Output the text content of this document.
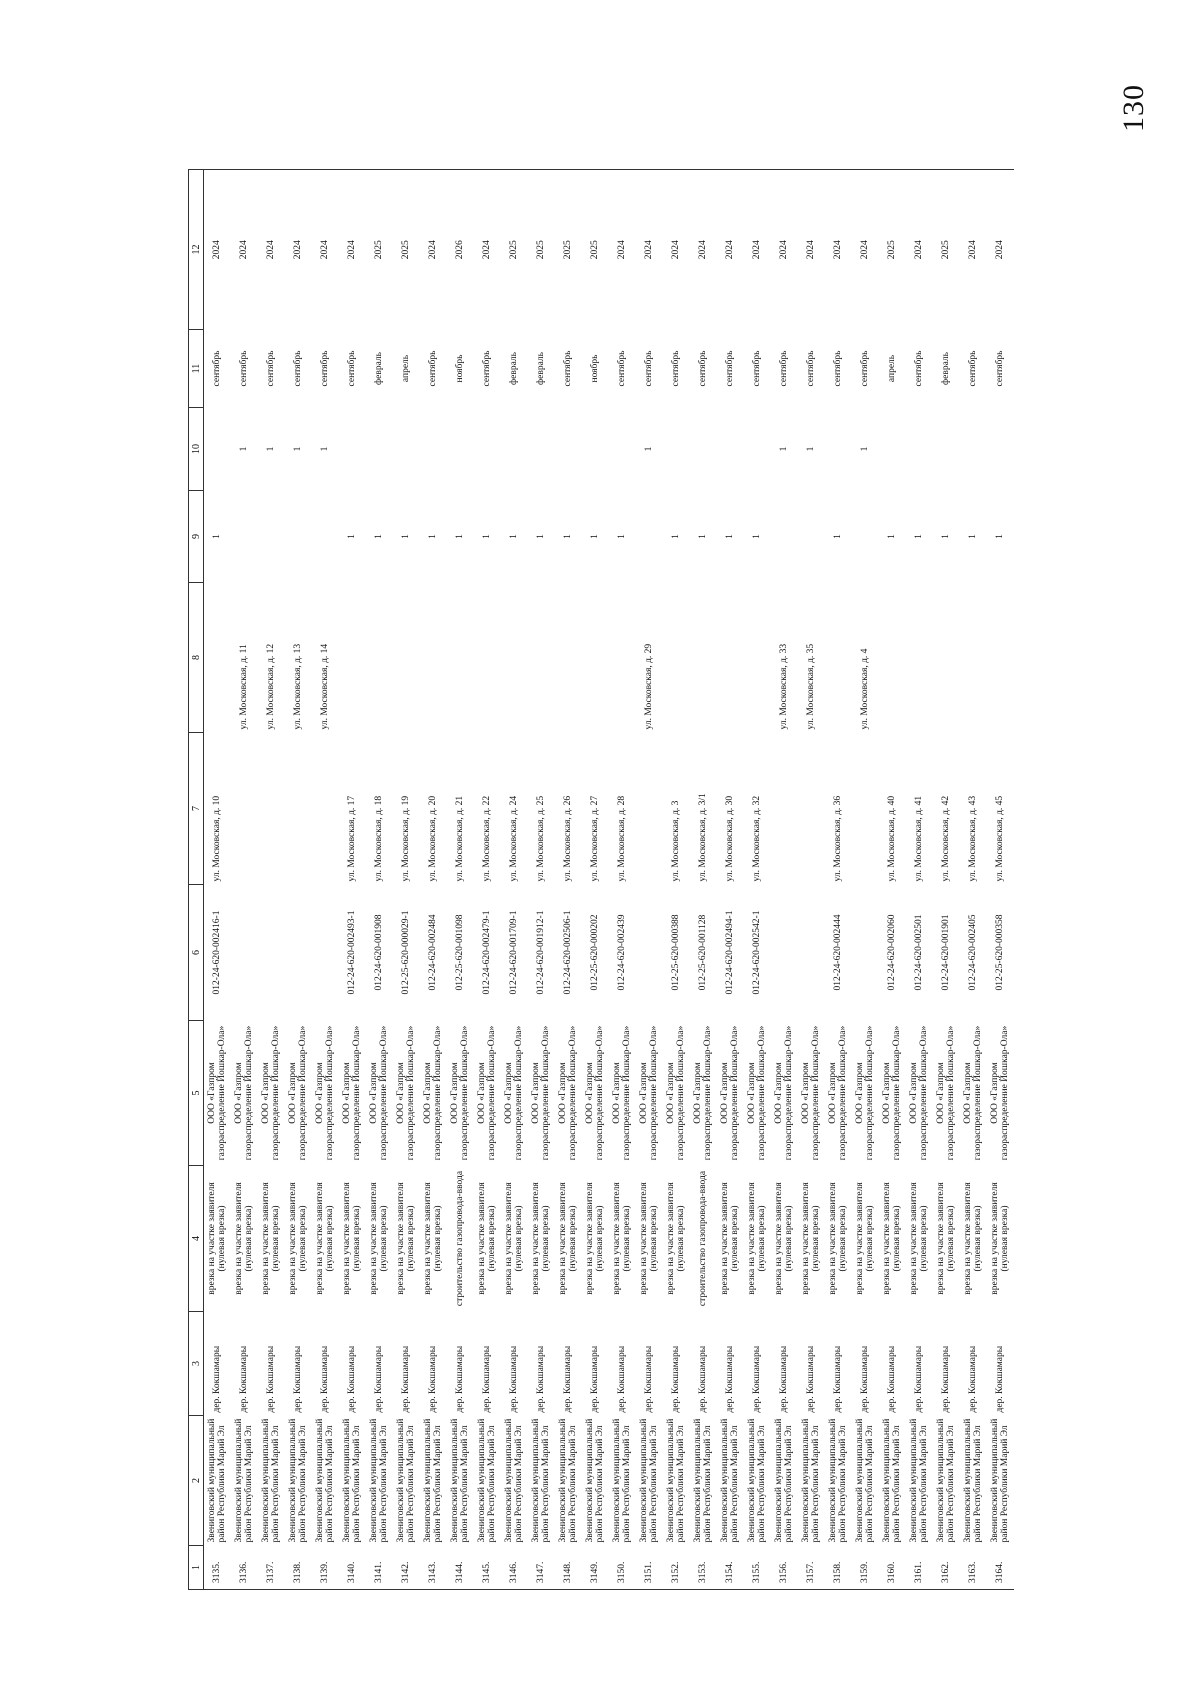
130
1	2	3	4	5	6	7	8	9	10	11	12
3135.	Звениговский муниципальный район Республики Марий Эл	дер. Кокшамары	врезка на участке заявителя (нулевая врезка)	ООО «Газпром газораспределение Йошкар-Ола»	012-24-620-002416-1	ул. Московская, д. 10		1		сентябрь	2024
3136.	Звениговский муниципальный район Республики Марий Эл	дер. Кокшамары	врезка на участке заявителя (нулевая врезка)	ООО «Газпром газораспределение Йошкар-Ола»			ул. Московская, д. 11		1	сентябрь	2024
3137.	Звениговский муниципальный район Республики Марий Эл	дер. Кокшамары	врезка на участке заявителя (нулевая врезка)	ООО «Газпром газораспределение Йошкар-Ола»			ул. Московская, д. 12		1	сентябрь	2024
3138.	Звениговский муниципальный район Республики Марий Эл	дер. Кокшамары	врезка на участке заявителя (нулевая врезка)	ООО «Газпром газораспределение Йошкар-Ола»			ул. Московская, д. 13		1	сентябрь	2024
3139.	Звениговский муниципальный район Республики Марий Эл	дер. Кокшамары	врезка на участке заявителя (нулевая врезка)	ООО «Газпром газораспределение Йошкар-Ола»			ул. Московская, д. 14		1	сентябрь	2024
3140.	Звениговский муниципальный район Республики Марий Эл	дер. Кокшамары	врезка на участке заявителя (нулевая врезка)	ООО «Газпром газораспределение Йошкар-Ола»	012-24-620-002493-1	ул. Московская, д. 17		1		сентябрь	2024
3141.	Звениговский муниципальный район Республики Марий Эл	дер. Кокшамары	врезка на участке заявителя (нулевая врезка)	ООО «Газпром газораспределение Йошкар-Ола»	012-24-620-001908	ул. Московская, д. 18		1		февраль	2025
3142.	Звениговский муниципальный район Республики Марий Эл	дер. Кокшамары	врезка на участке заявителя (нулевая врезка)	ООО «Газпром газораспределение Йошкар-Ола»	012-25-620-000029-1	ул. Московская, д. 19		1		апрель	2025
3143.	Звениговский муниципальный район Республики Марий Эл	дер. Кокшамары	врезка на участке заявителя (нулевая врезка)	ООО «Газпром газораспределение Йошкар-Ола»	012-24-620-002484	ул. Московская, д. 20		1		сентябрь	2024
3144.	Звениговский муниципальный район Республики Марий Эл	дер. Кокшамары	строительство газопровода-ввода	ООО «Газпром газораспределение Йошкар-Ола»	012-25-620-001098	ул. Московская, д. 21		1		ноябрь	2026
3145.	Звениговский муниципальный район Республики Марий Эл	дер. Кокшамары	врезка на участке заявителя (нулевая врезка)	ООО «Газпром газораспределение Йошкар-Ола»	012-24-620-002479-1	ул. Московская, д. 22		1		сентябрь	2024
3146.	Звениговский муниципальный район Республики Марий Эл	дер. Кокшамары	врезка на участке заявителя (нулевая врезка)	ООО «Газпром газораспределение Йошкар-Ола»	012-24-620-001709-1	ул. Московская, д. 24		1		февраль	2025
3147.	Звениговский муниципальный район Республики Марий Эл	дер. Кокшамары	врезка на участке заявителя (нулевая врезка)	ООО «Газпром газораспределение Йошкар-Ола»	012-24-620-001912-1	ул. Московская, д. 25		1		февраль	2025
3148.	Звениговский муниципальный район Республики Марий Эл	дер. Кокшамары	врезка на участке заявителя (нулевая врезка)	ООО «Газпром газораспределение Йошкар-Ола»	012-24-620-002506-1	ул. Московская, д. 26		1		сентябрь	2025
3149.	Звениговский муниципальный район Республики Марий Эл	дер. Кокшамары	врезка на участке заявителя (нулевая врезка)	ООО «Газпром газораспределение Йошкар-Ола»	012-25-620-000202	ул. Московская, д. 27		1		ноябрь	2025
3150.	Звениговский муниципальный район Республики Марий Эл	дер. Кокшамары	врезка на участке заявителя (нулевая врезка)	ООО «Газпром газораспределение Йошкар-Ола»	012-24-620-002439	ул. Московская, д. 28		1		сентябрь	2024
3151.	Звениговский муниципальный район Республики Марий Эл	дер. Кокшамары	врезка на участке заявителя (нулевая врезка)	ООО «Газпром газораспределение Йошкар-Ола»			ул. Московская, д. 29		1	сентябрь	2024
3152.	Звениговский муниципальный район Республики Марий Эл	дер. Кокшамары	врезка на участке заявителя (нулевая врезка)	ООО «Газпром газораспределение Йошкар-Ола»	012-25-620-000388	ул. Московская, д. 3		1		сентябрь	2024
3153.	Звениговский муниципальный район Республики Марий Эл	дер. Кокшамары	строительство газопровода-ввода	ООО «Газпром газораспределение Йошкар-Ола»	012-25-620-001128	ул. Московская, д. 3/1		1		сентябрь	2024
3154.	Звениговский муниципальный район Республики Марий Эл	дер. Кокшамары	врезка на участке заявителя (нулевая врезка)	ООО «Газпром газораспределение Йошкар-Ола»	012-24-620-002494-1	ул. Московская, д. 30		1		сентябрь	2024
3155.	Звениговский муниципальный район Республики Марий Эл	дер. Кокшамары	врезка на участке заявителя (нулевая врезка)	ООО «Газпром газораспределение Йошкар-Ола»	012-24-620-002542-1	ул. Московская, д. 32		1		сентябрь	2024
3156.	Звениговский муниципальный район Республики Марий Эл	дер. Кокшамары	врезка на участке заявителя (нулевая врезка)	ООО «Газпром газораспределение Йошкар-Ола»			ул. Московская, д. 33		1	сентябрь	2024
3157.	Звениговский муниципальный район Республики Марий Эл	дер. Кокшамары	врезка на участке заявителя (нулевая врезка)	ООО «Газпром газораспределение Йошкар-Ола»			ул. Московская, д. 35		1	сентябрь	2024
3158.	Звениговский муниципальный район Республики Марий Эл	дер. Кокшамары	врезка на участке заявителя (нулевая врезка)	ООО «Газпром газораспределение Йошкар-Ола»	012-24-620-002444	ул. Московская, д. 36		1		сентябрь	2024
3159.	Звениговский муниципальный район Республики Марий Эл	дер. Кокшамары	врезка на участке заявителя (нулевая врезка)	ООО «Газпром газораспределение Йошкар-Ола»			ул. Московская, д. 4		1	сентябрь	2024
3160.	Звениговский муниципальный район Республики Марий Эл	дер. Кокшамары	врезка на участке заявителя (нулевая врезка)	ООО «Газпром газораспределение Йошкар-Ола»	012-24-620-002060	ул. Московская, д. 40		1		апрель	2025
3161.	Звениговский муниципальный район Республики Марий Эл	дер. Кокшамары	врезка на участке заявителя (нулевая врезка)	ООО «Газпром газораспределение Йошкар-Ола»	012-24-620-002501	ул. Московская, д. 41		1		сентябрь	2024
3162.	Звениговский муниципальный район Республики Марий Эл	дер. Кокшамары	врезка на участке заявителя (нулевая врезка)	ООО «Газпром газораспределение Йошкар-Ола»	012-24-620-001901	ул. Московская, д. 42		1		февраль	2025
3163.	Звениговский муниципальный район Республики Марий Эл	дер. Кокшамары	врезка на участке заявителя (нулевая врезка)	ООО «Газпром газораспределение Йошкар-Ола»	012-24-620-002405	ул. Московская, д. 43		1		сентябрь	2024
3164.	Звениговский муниципальный район Республики Марий Эл	дер. Кокшамары	врезка на участке заявителя (нулевая врезка)	ООО «Газпром газораспределение Йошкар-Ола»	012-25-620-000358	ул. Московская, д. 45		1		сентябрь	2024
